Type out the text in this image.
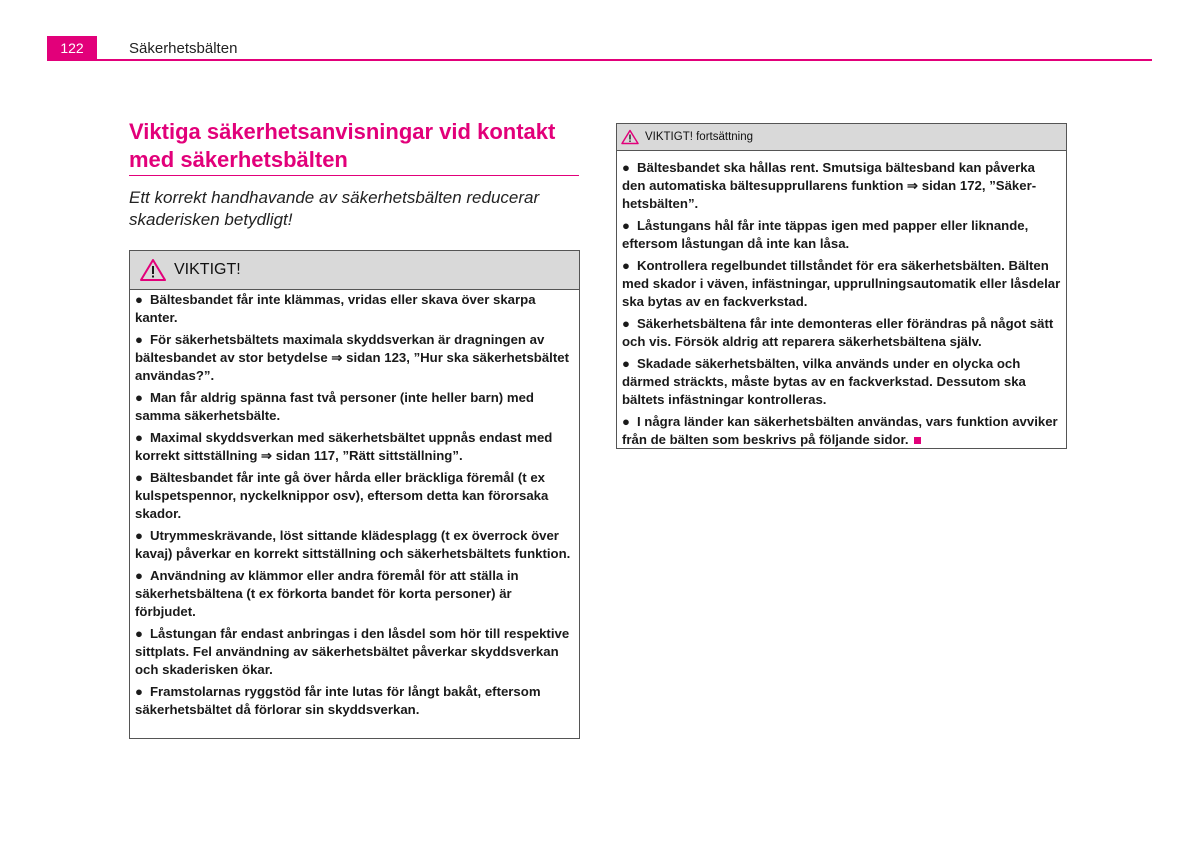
122	Säkerhetsbälten
Viktiga säkerhetsanvisningar vid kontakt med säkerhetsbälten
Ett korrekt handhavande av säkerhetsbälten reducerar skaderisken betydligt!
VIKTIGT!
● Bältesbandet får inte klämmas, vridas eller skava över skarpa kanter.
● För säkerhetsbältets maximala skyddsverkan är dragningen av bältesbandet av stor betydelse ⇒ sidan 123, ”Hur ska säkerhetsbältet användas?”.
● Man får aldrig spänna fast två personer (inte heller barn) med samma säkerhetsbälte.
● Maximal skyddsverkan med säkerhetsbältet uppnås endast med korrekt sittställning ⇒ sidan 117, ”Rätt sittställning”.
● Bältesbandet får inte gå över hårda eller bräckliga föremål (t ex kulspetspennor, nyckelknippor osv), eftersom detta kan förorsaka skador.
● Utrymmeskrävande, löst sittande klädesplagg (t ex överrock över kavaj) påverkar en korrekt sittställning och säkerhetsbältets funktion.
● Användning av klämmor eller andra föremål för att ställa in säkerhetsbältena (t ex förkorta bandet för korta personer) är förbjudet.
● Låstungan får endast anbringas i den låsdel som hör till respektive sittplats. Fel användning av säkerhetsbältet påverkar skyddsverkan och skaderisken ökar.
● Framstolarnas ryggstöd får inte lutas för långt bakåt, eftersom säkerhetsbältet då förlorar sin skyddsverkan.
VIKTIGT! fortsättning
● Bältesbandet ska hållas rent. Smutsiga bältesband kan påverka den automatiska bältesupprullarens funktion ⇒ sidan 172, ”Säkerhetsbälten”.
● Låstungans hål får inte täppas igen med papper eller liknande, eftersom låstungan då inte kan låsa.
● Kontrollera regelbundet tillståndet för era säkerhetsbälten. Bälten med skador i väven, infästningar, upprullningsautomatik eller låsdelar ska bytas av en fackverkstad.
● Säkerhetsbältena får inte demonteras eller förändras på något sätt och vis. Försök aldrig att reparera säkerhetsbältena själv.
● Skadade säkerhetsbälten, vilka används under en olycka och därmed sträckts, måste bytas av en fackverkstad. Dessutom ska bältets infästningar kontrolleras.
● I några länder kan säkerhetsbälten användas, vars funktion avviker från de bälten som beskrivs på följande sidor.
